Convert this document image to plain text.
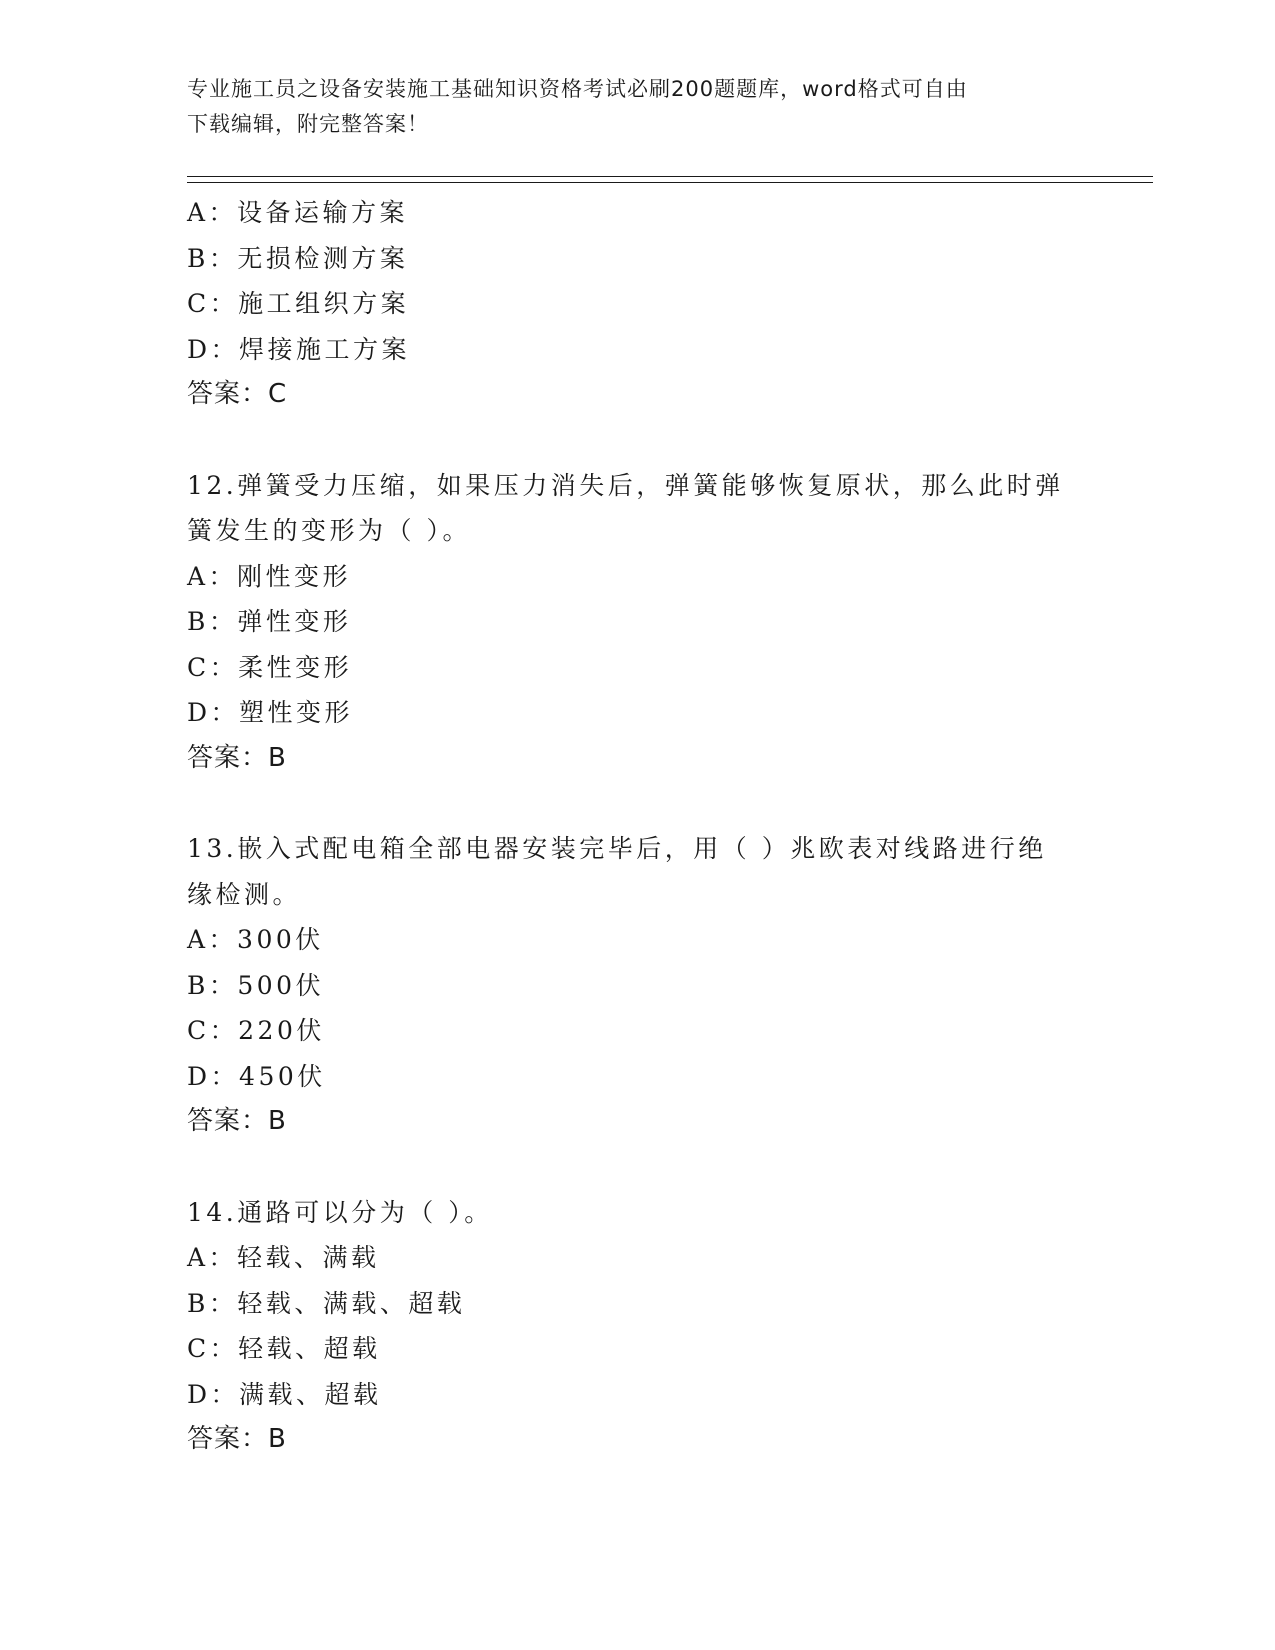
专业施工员之设备安装施工基础知识资格考试必刷200题题库，word格式可自由
下载编辑，附完整答案！
A：设备运输方案
B：无损检测方案
C：施工组织方案
D：焊接施工方案
答案：C
12.弹簧受力压缩，如果压力消失后，弹簧能够恢复原状，那么此时弹
簧发生的变形为（ ）。
A：刚性变形
B：弹性变形
C：柔性变形
D：塑性变形
答案：B
13.嵌入式配电箱全部电器安装完毕后，用（ ）兆欧表对线路进行绝
缘检测。
A：300伏
B：500伏
C：220伏
D：450伏
答案：B
14.通路可以分为（ ）。
A：轻载、满载
B：轻载、满载、超载
C：轻载、超载
D：满载、超载
答案：B
